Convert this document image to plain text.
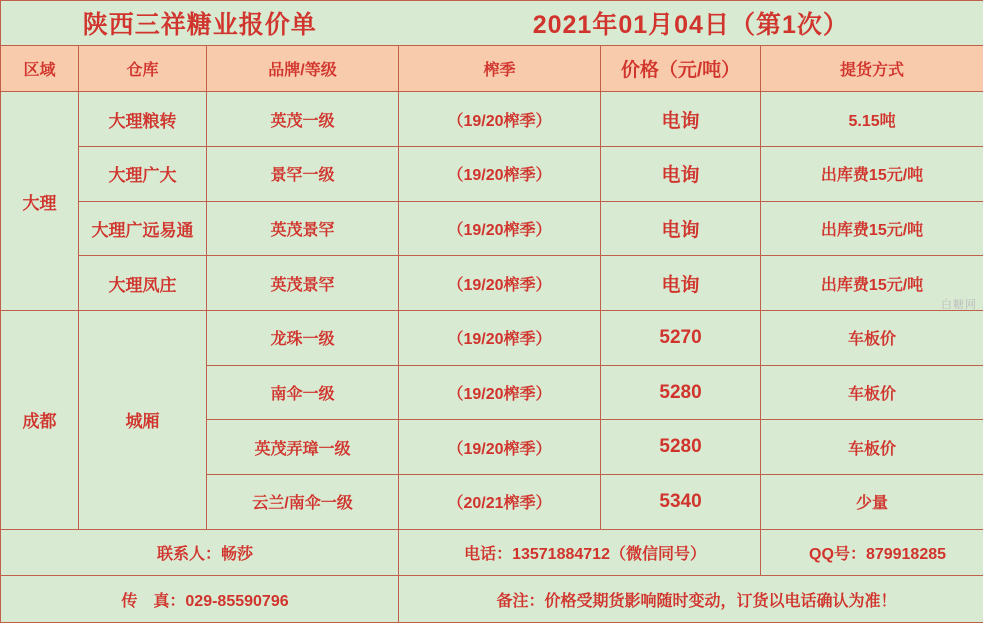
陕西三祥糖业报价单			2021年01月04日（第1次）		
区域	仓库	品牌/等级	榨季	价格（元/吨）	提货方式
大理	大理粮转	英茂一级	（19/20榨季）	电询	5.15吨
	大理广大	景罕一级	（19/20榨季）	电询	出库费15元/吨
	大理广远易通	英茂景罕	（19/20榨季）	电询	出库费15元/吨
	大理凤庄	英茂景罕	（19/20榨季）	电询	出库费15元/吨
成都	城厢	龙珠一级	（19/20榨季）	5270	车板价
		南伞一级	（19/20榨季）	5280	车板价
		英茂弄璋一级	（19/20榨季）	5280	车板价
		云兰/南伞一级	（20/21榨季）	5340	少量
联系人：畅莎			电话：13571884712（微信同号）		QQ号：879918285
传　真：029-85590796			备注：价格受期货影响随时变动，订货以电话确认为准！		
白糖网
